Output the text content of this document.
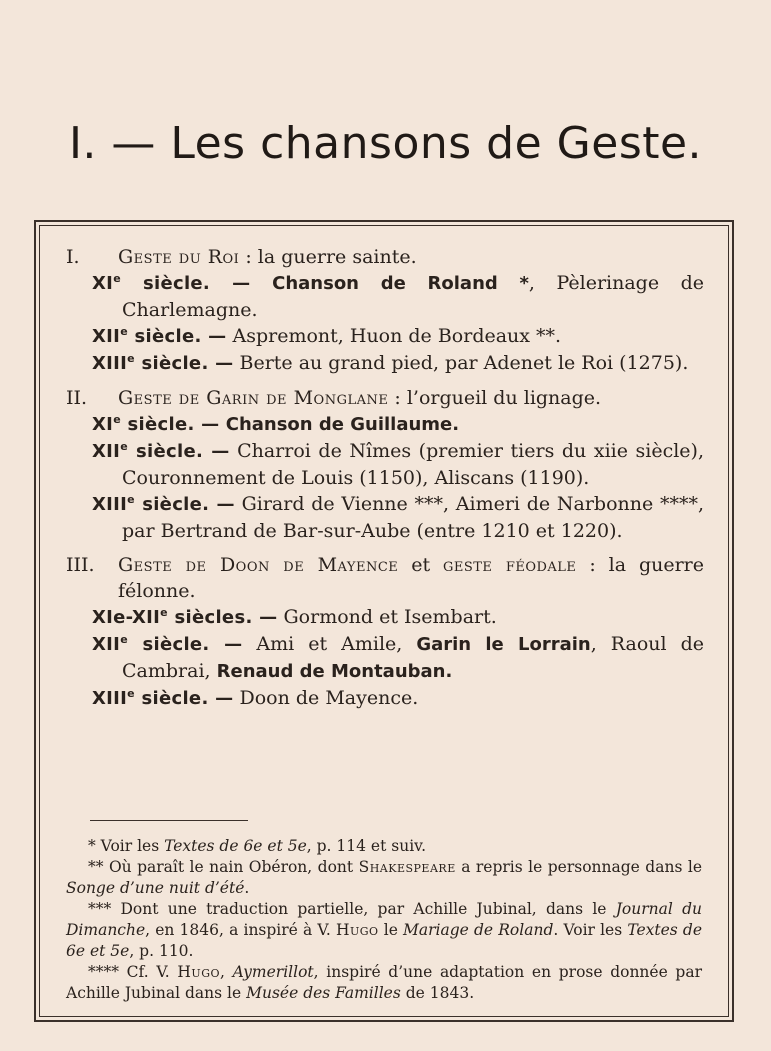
I. — Les chansons de Geste.

I. Geste du Roi : la guerre sainte.

XIe siècle. — Chanson de Roland *, Pèlerinage de Charlemagne.

XIIe siècle. — Aspremont, Huon de Bordeaux **.

XIIIe siècle. — Berte au grand pied, par Adenet le Roi (1275).

II. Geste de Garin de Monglane : l’orgueil du lignage.

XIe siècle. — Chanson de Guillaume.

XIIe siècle. — Charroi de Nîmes (premier tiers du xiie siècle), Couronnement de Louis (1150), Aliscans (1190).

XIIIe siècle. — Girard de Vienne ***, Aimeri de Narbonne ****, par Bertrand de Bar-sur-Aube (entre 1210 et 1220).

III. Geste de Doon de Mayence et geste féodale : la guerre félonne.

XIe-XIIe siècles. — Gormond et Isembart.

XIIe siècle. — Ami et Amile, Garin le Lorrain, Raoul de Cambrai, Renaud de Montauban.

XIIIe siècle. — Doon de Mayence.

* Voir les Textes de 6e et 5e, p. 114 et suiv.

** Où paraît le nain Obéron, dont Shakespeare a repris le personnage dans le Songe d’une nuit d’été.

*** Dont une traduction partielle, par Achille Jubinal, dans le Journal du Dimanche, en 1846, a inspiré à V. Hugo le Mariage de Roland. Voir les Textes de 6e et 5e, p. 110.

**** Cf. V. Hugo, Aymerillot, inspiré d’une adaptation en prose donnée par Achille Jubinal dans le Musée des Familles de 1843.
